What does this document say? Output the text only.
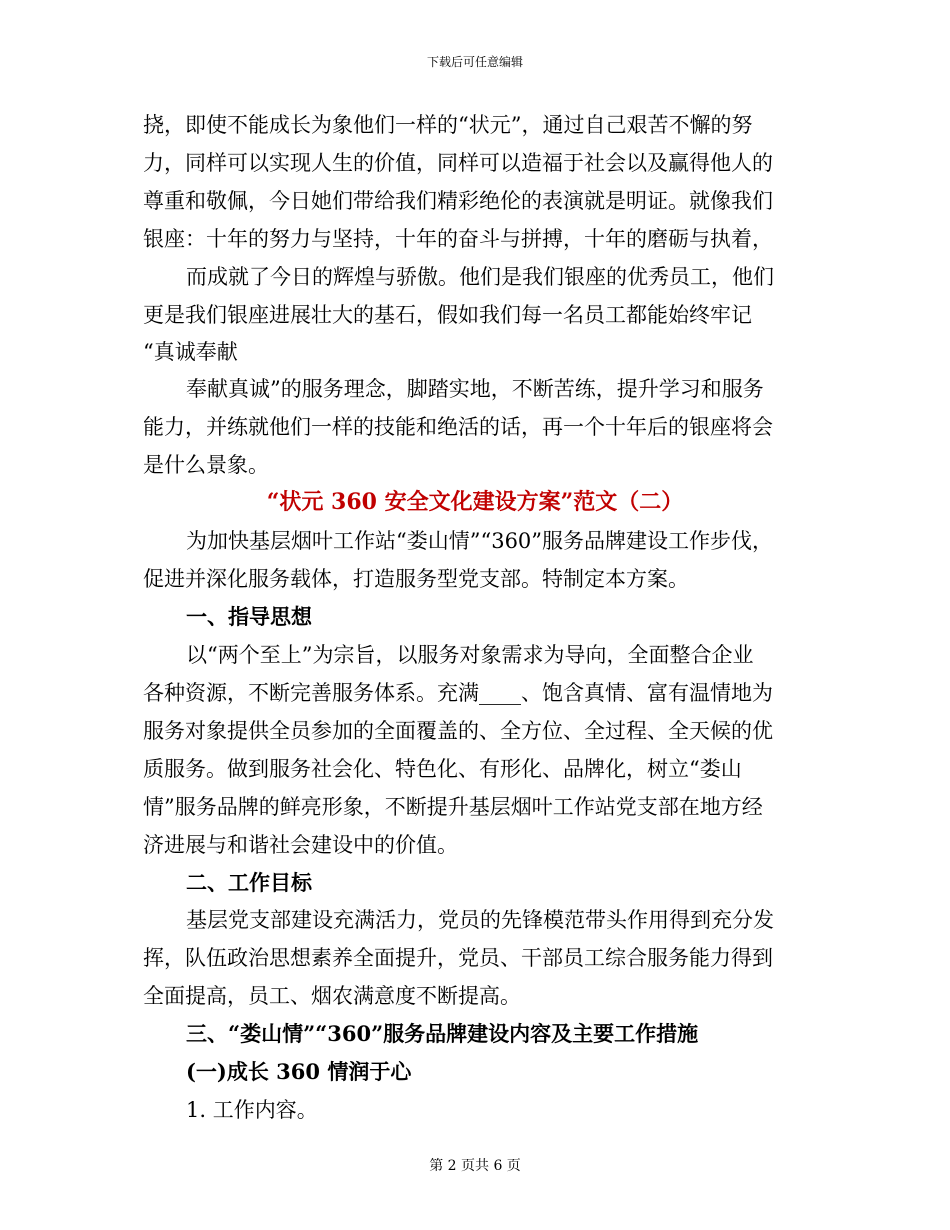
下载后可任意编辑
挠，即使不能成长为象他们一样的“状元”，通过自己艰苦不懈的努
力，同样可以实现人生的价值，同样可以造福于社会以及赢得他人的
尊重和敬佩，今日她们带给我们精彩绝伦的表演就是明证。就像我们
银座：十年的努力与坚持，十年的奋斗与拼搏，十年的磨砺与执着，
而成就了今日的辉煌与骄傲。他们是我们银座的优秀员工，他们
更是我们银座进展壮大的基石，假如我们每一名员工都能始终牢记
“真诚奉献
奉献真诚”的服务理念，脚踏实地，不断苦练，提升学习和服务
能力，并练就他们一样的技能和绝活的话，再一个十年后的银座将会
是什么景象。
“状元 360 安全文化建设方案”范文（二）
为加快基层烟叶工作站“娄山情”“360”服务品牌建设工作步伐，
促进并深化服务载体，打造服务型党支部。特制定本方案。
一、指导思想
以“两个至上”为宗旨，以服务对象需求为导向，全面整合企业
各种资源，不断完善服务体系。充满____、饱含真情、富有温情地为
服务对象提供全员参加的全面覆盖的、全方位、全过程、全天候的优
质服务。做到服务社会化、特色化、有形化、品牌化，树立“娄山
情”服务品牌的鲜亮形象，不断提升基层烟叶工作站党支部在地方经
济进展与和谐社会建设中的价值。
二、工作目标
基层党支部建设充满活力，党员的先锋模范带头作用得到充分发
挥，队伍政治思想素养全面提升，党员、干部员工综合服务能力得到
全面提高，员工、烟农满意度不断提高。
三、“娄山情”“360”服务品牌建设内容及主要工作措施
(一)成长 360 情润于心
1. 工作内容。
第 2 页共 6 页
